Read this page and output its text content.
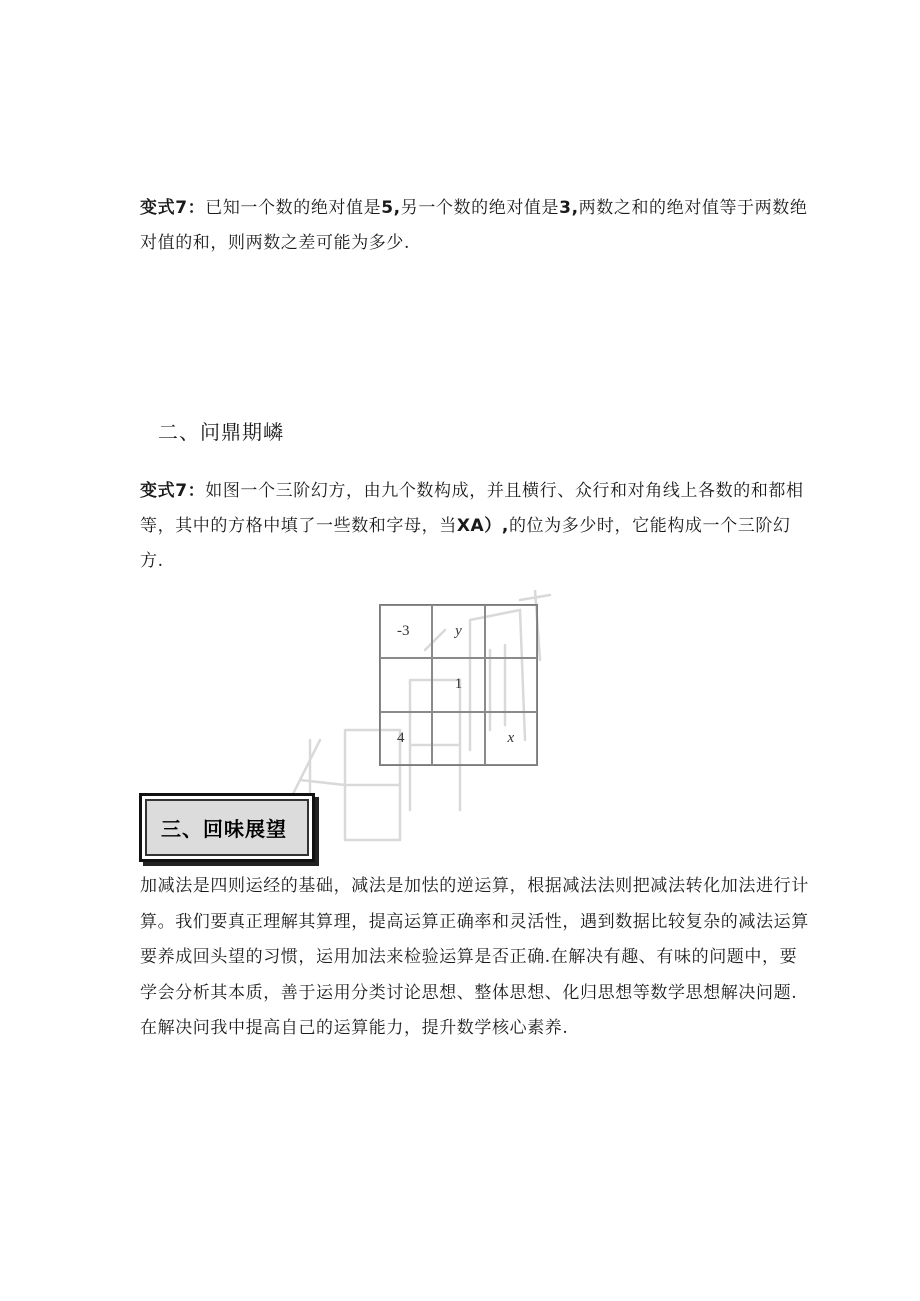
变式7：已知一个数的绝对值是5,另一个数的绝对值是3,两数之和的绝对值等于两数绝
对值的和，则两数之差可能为多少.

二、问鼎期嶙

变式7：如图一个三阶幻方，由九个数构成，并且横行、众行和对角线上各数的和都相
等，其中的方格中填了一些数和字母，当XA）,的位为多少时，它能构成一个三阶幻
方.

-3	y
1
4	x
三、回味展望

加减法是四则运经的基础，减法是加怯的逆运算，根据减法法则把减法转化加法进行计
算。我们要真正理解其算理，提高运算正确率和灵活性，遇到数据比较复杂的减法运算
要养成回头望的习惯，运用加法来检验运算是否正确.在解决有趣、有味的问题中，要
学会分析其本质，善于运用分类讨论思想、整体思想、化归思想等数学思想解决问题.
在解决问我中提高自己的运算能力，提升数学核心素养.
